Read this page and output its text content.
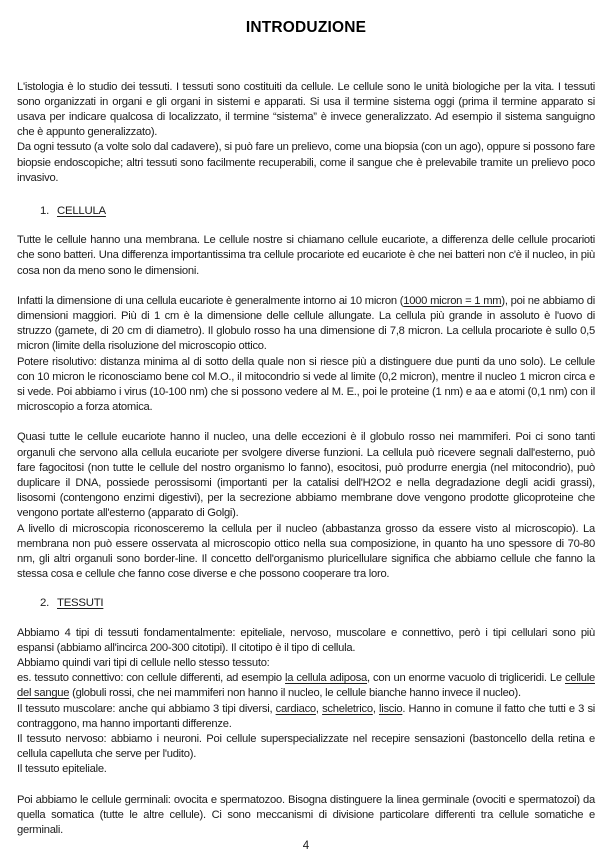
INTRODUZIONE

L'istologia è lo studio dei tessuti. I tessuti sono costituiti da cellule. Le cellule sono le unità biologiche per la vita. I tessuti sono organizzati in organi e gli organi in sistemi e apparati. Si usa il termine sistema oggi (prima il termine apparato si usava per indicare qualcosa di localizzato, il termine “sistema” è invece generalizzato. Ad esempio il sistema sanguigno che è appunto generalizzato).

Da ogni tessuto (a volte solo dal cadavere), si può fare un prelievo, come una biopsia (con un ago), oppure si possono fare biopsie endoscopiche; altri tessuti sono facilmente recuperabili, come il sangue che è prelevabile tramite un prelievo poco invasivo.

1. CELLULA

Tutte le cellule hanno una membrana. Le cellule nostre si chiamano cellule eucariote, a differenza delle cellule procarioti che sono batteri. Una differenza importantissima tra cellule procariote ed eucariote è che nei batteri non c'è il nucleo, in più cosa non da meno sono le dimensioni.

Infatti la dimensione di una cellula eucariote è generalmente intorno ai 10 micron (1000 micron = 1 mm), poi ne abbiamo di dimensioni maggiori. Più di 1 cm è la dimensione delle cellule allungate. La cellula più grande in assoluto è l'uovo di struzzo (gamete, di 20 cm di diametro). Il globulo rosso ha una dimensione di 7,8 micron. La cellula procariote è sullo 0,5 micron (limite della risoluzione del microscopio ottico.

Potere risolutivo: distanza minima al di sotto della quale non si riesce più a distinguere due punti da uno solo). Le cellule con 10 micron le riconosciamo bene col M.O., il mitocondrio si vede al limite (0,2 micron), mentre il nucleo 1 micron circa e si vede. Poi abbiamo i virus (10-100 nm) che si possono vedere al M. E., poi le proteine (1 nm) e aa e atomi (0,1 nm) con il microscopio a forza atomica.

Quasi tutte le cellule eucariote hanno il nucleo, una delle eccezioni è il globulo rosso nei mammiferi. Poi ci sono tanti organuli che servono alla cellula eucariote per svolgere diverse funzioni. La cellula può ricevere segnali dall'esterno, può fare fagocitosi (non tutte le cellule del nostro organismo lo fanno), esocitosi, può produrre energia (nel mitocondrio), può duplicare il DNA, possiede perossisomi (importanti per la catalisi dell'H2O2 e nella degradazione degli acidi grassi), lisosomi (contengono enzimi digestivi), per la secrezione abbiamo membrane dove vengono prodotte glicoproteine che vengono portate all'esterno (apparato di Golgi).

A livello di microscopia riconosceremo la cellula per il nucleo (abbastanza grosso da essere visto al microscopio). La membrana non può essere osservata al microscopio ottico nella sua composizione, in quanto ha uno spessore di 70-80 nm, gli altri organuli sono border-line. Il concetto dell'organismo pluricellulare significa che abbiamo cellule che fanno la stessa cosa e cellule che fanno cose diverse e che possono cooperare tra loro.

2. TESSUTI

Abbiamo 4 tipi di tessuti fondamentalmente: epiteliale, nervoso, muscolare e connettivo, però i tipi cellulari sono più espansi (abbiamo all'incirca 200-300 citotipi). Il citotipo è il tipo di cellula.

Abbiamo quindi vari tipi di cellule nello stesso tessuto:

es. tessuto connettivo: con cellule differenti, ad esempio la cellula adiposa, con un enorme vacuolo di trigliceridi. Le cellule del sangue (globuli rossi, che nei mammiferi non hanno il nucleo, le cellule bianche hanno invece il nucleo).

Il tessuto muscolare: anche qui abbiamo 3 tipi diversi, cardiaco, scheletrico, liscio. Hanno in comune il fatto che tutti e 3 si contraggono, ma hanno importanti differenze.

Il tessuto nervoso: abbiamo i neuroni. Poi cellule superspecializzate nel recepire sensazioni (bastoncello della retina e cellula capelluta che serve per l'udito).

Il tessuto epiteliale.

Poi abbiamo le cellule germinali: ovocita e spermatozoo. Bisogna distinguere la linea germinale (ovociti e spermatozoi) da quella somatica (tutte le altre cellule). Ci sono meccanismi di divisione particolare differenti tra cellule somatiche e germinali.

4
